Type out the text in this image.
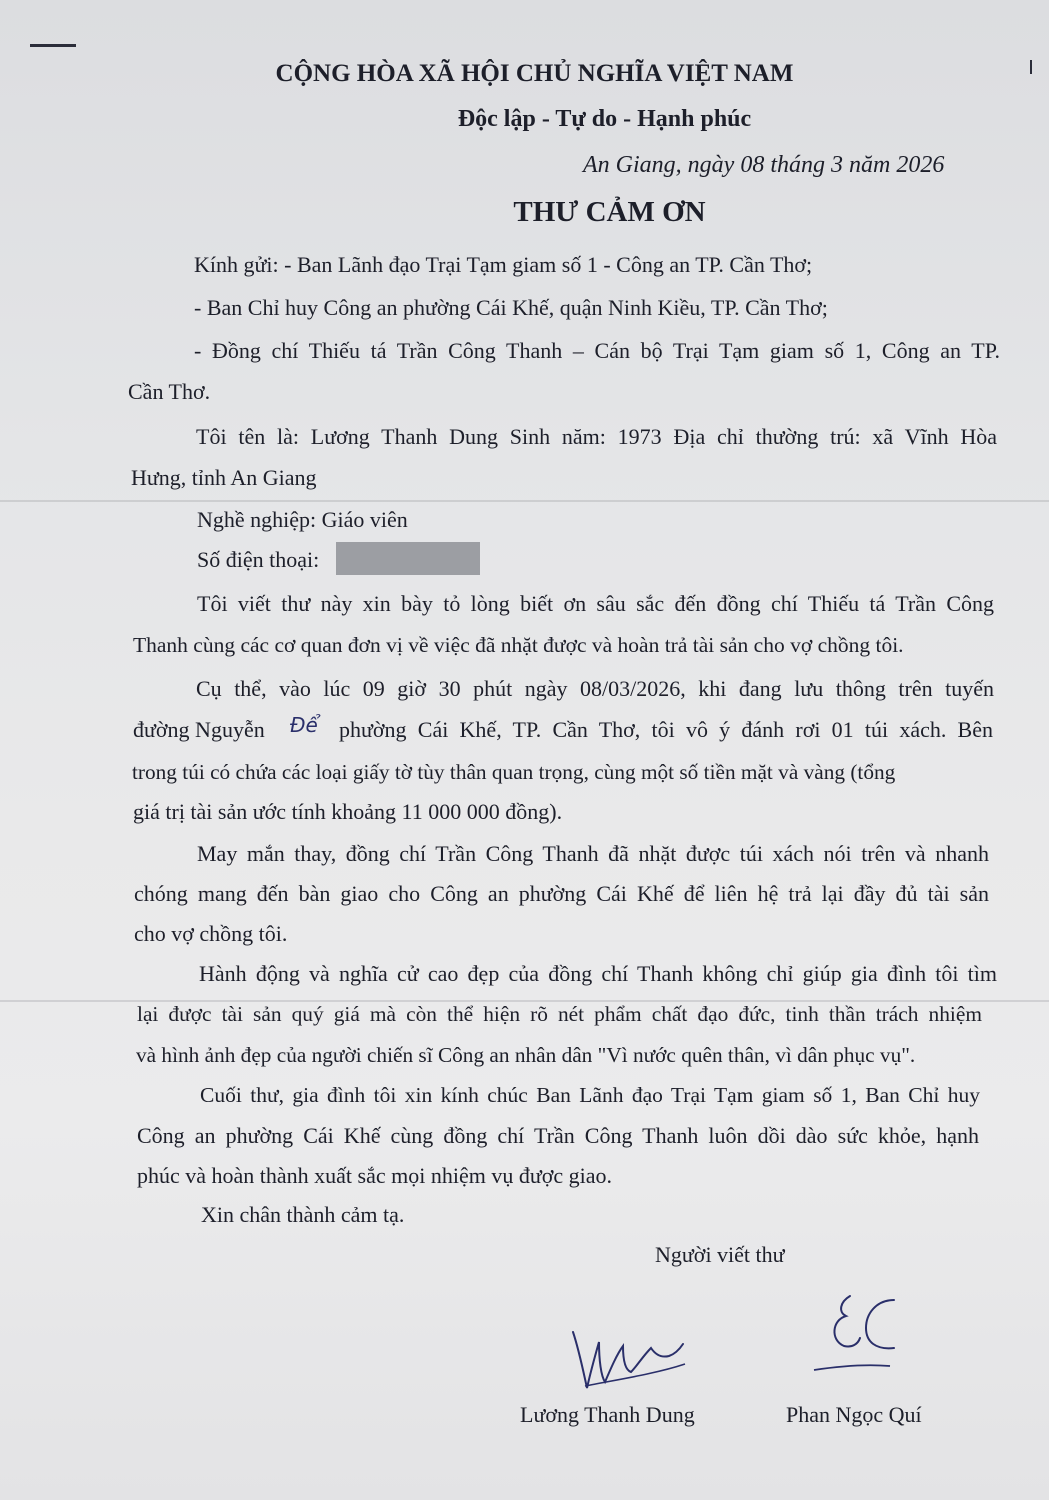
CỘNG HÒA XÃ HỘI CHỦ NGHĨA VIỆT NAM
Độc lập - Tự do - Hạnh phúc
An Giang, ngày 08 tháng 3 năm 2026
THƯ CẢM ƠN
Kính gửi: - Ban Lãnh đạo Trại Tạm giam số 1 - Công an TP. Cần Thơ;
- Ban Chỉ huy Công an phường Cái Khế, quận Ninh Kiều, TP. Cần Thơ;
- Đồng chí Thiếu tá Trần Công Thanh – Cán bộ Trại Tạm giam số 1, Công an TP.
Cần Thơ.
Tôi tên là: Lương Thanh Dung Sinh năm: 1973 Địa chỉ thường trú: xã Vĩnh Hòa
Hưng, tỉnh An Giang
Nghề nghiệp: Giáo viên
Số điện thoại:
Tôi viết thư này xin bày tỏ lòng biết ơn sâu sắc đến đồng chí Thiếu tá Trần Công
Thanh cùng các cơ quan đơn vị về việc đã nhặt được và hoàn trả tài sản cho vợ chồng tôi.
Cụ thể, vào lúc 09 giờ 30 phút ngày 08/03/2026, khi đang lưu thông trên tuyến
đường Nguyễn Để phường Cái Khế, TP. Cần Thơ, tôi vô ý đánh rơi 01 túi xách. Bên
trong túi có chứa các loại giấy tờ tùy thân quan trọng, cùng một số tiền mặt và vàng (tổng
giá trị tài sản ước tính khoảng 11 000 000 đồng).
May mắn thay, đồng chí Trần Công Thanh đã nhặt được túi xách nói trên và nhanh
chóng mang đến bàn giao cho Công an phường Cái Khế để liên hệ trả lại đầy đủ tài sản
cho vợ chồng tôi.
Hành động và nghĩa cử cao đẹp của đồng chí Thanh không chỉ giúp gia đình tôi tìm
lại được tài sản quý giá mà còn thể hiện rõ nét phẩm chất đạo đức, tinh thần trách nhiệm
và hình ảnh đẹp của người chiến sĩ Công an nhân dân "Vì nước quên thân, vì dân phục vụ".
Cuối thư, gia đình tôi xin kính chúc Ban Lãnh đạo Trại Tạm giam số 1, Ban Chỉ huy
Công an phường Cái Khế cùng đồng chí Trần Công Thanh luôn dồi dào sức khỏe, hạnh
phúc và hoàn thành xuất sắc mọi nhiệm vụ được giao.
Xin chân thành cảm tạ.
Người viết thư
Lương Thanh Dung	Phan Ngọc Quí
